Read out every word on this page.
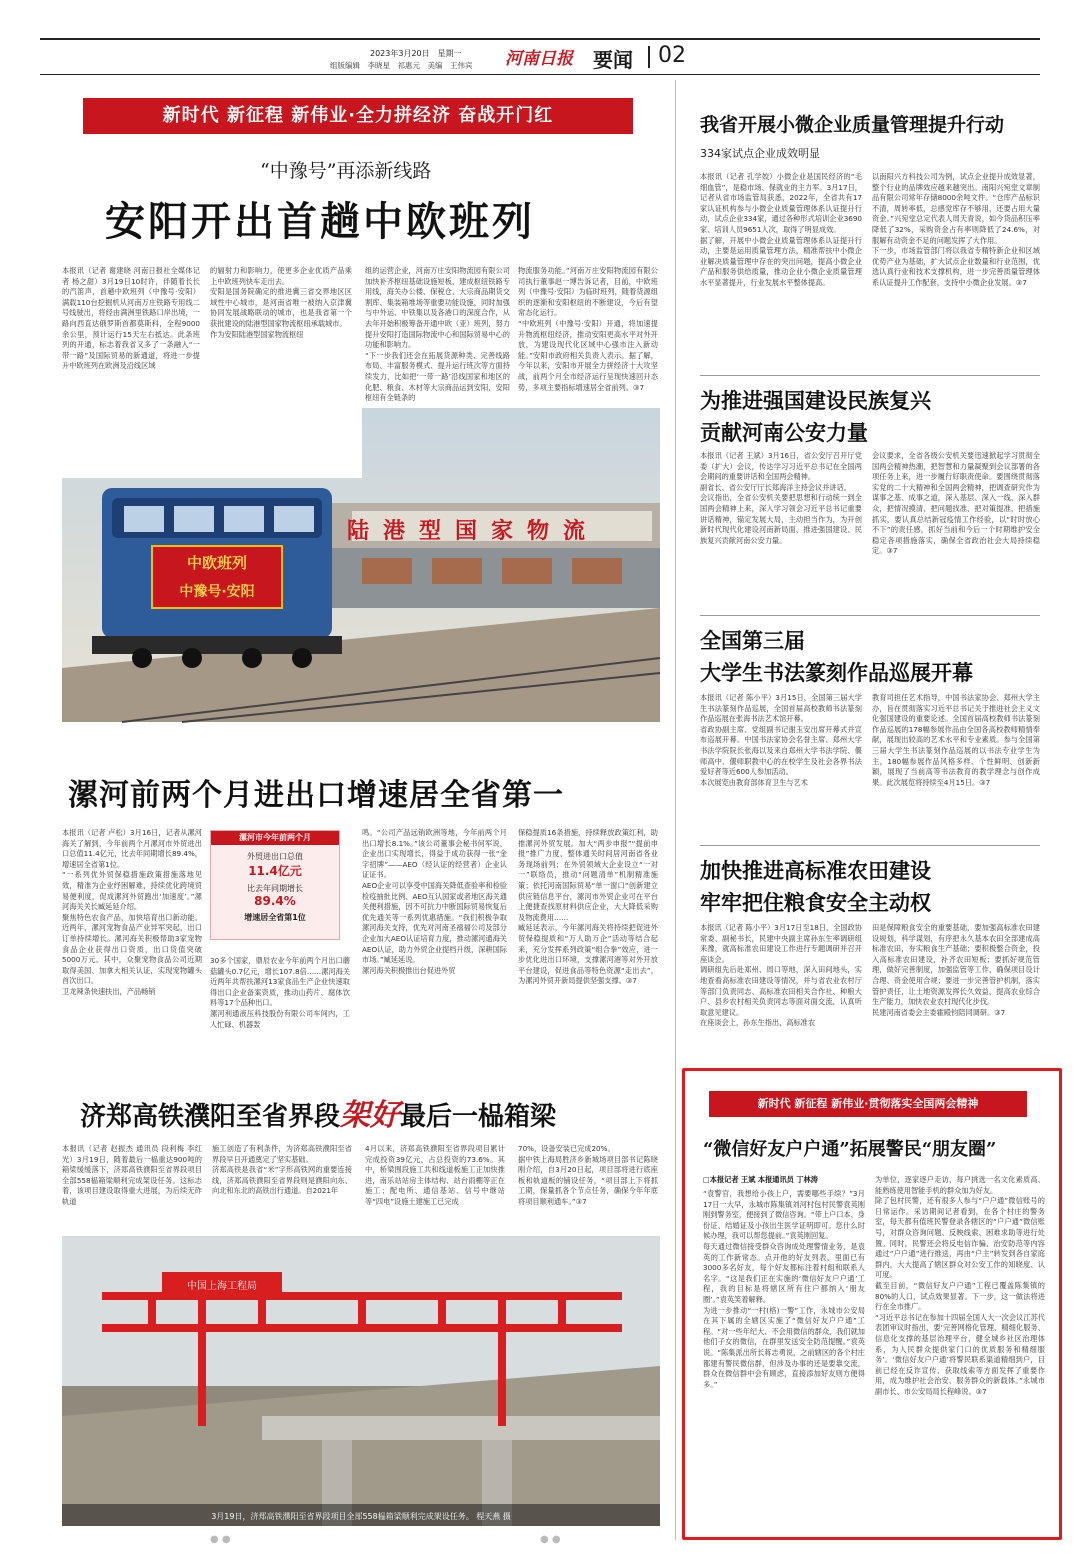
2023年3月20日　星期一
组版编辑　李晓星　祁惠元　美编　王伟宾 河南日报 要闻 02
新时代 新征程 新伟业·全力拼经济 奋战开门红
“中豫号”再添新线路
安阳开出首趟中欧班列
本报讯（记者 谢建晓 河南日报社全媒体记者 杨之甜）3月19日10时许，伴随着长长的汽笛声，首趟中欧班列（中豫号·安阳）满载110台挖掘机从河南万庄铁路专用线二号线驶出，将经由满洲里铁路口岸出境，一路向西直达俄罗斯首都莫斯科，全程9000余公里，预计运行15天左右抵达。此条班列的开通，标志着我省又多了一条融入“一带一路”及国际贸易的新通道，将进一步提升中欧班列在欧洲及沿线区域
的辐射力和影响力，使更多企业优质产品乘上中欧班列快车走出去。
安阳是国务院确定的推进冀三省交界地区区域性中心城市，是河南省唯一被纳入京津冀协同发展战略联动的城市，也是我省第一个获批建设的陆港型国家物流枢纽承载城市。
作为安阳陆港型国家物流枢纽
组的运营企业，河南万庄安阳物流园有限公司加快补齐枢纽基础设施短板，建成枢纽铁路专用线，海关办公楼、保税仓、大宗商品期货交割库、集装箱堆场等重要功能设施，同时加强与中外运、中铁集以及各港口的深度合作，从去年开始积极筹备开通中欧（亚）班列，努力提升安阳打造国际物流中心和国际贸易中心的功能和影响力。
“下一步我们还会在拓展货源种类、完善线路布局、丰富服务模式、提升运行班次等方面持续发力，比如把‘一带一路’沿线国家和地区的化肥、粮食、木材等大宗商品运到安阳，安阳枢纽有全链条的
物流服务功能。”河南万庄安阳物流园有限公司执行董事赵一博告诉记者，目前，中欧班列（中豫号·安阳）为临时班列，随着货源组织的逐渐和安阳枢纽的不断建设，今后有望常态化运行。
“中欧班列（中豫号·安阳）开通，将加速提升物流枢纽经济，推动安阳更高水平对外开放，为建设现代化区域中心强市注入新动能。”安阳市政府相关负责人表示。据了解，今年以来，安阳市开展全力拼经济十大攻坚战，前两个月全市经济运行呈现快速回升态势，多项主要指标增速居全省前列。③7
陆港型国家物流
中欧班列
中豫号·安阳
漯河前两个月进出口增速居全省第一
本报讯（记者 卢松）3月16日，记者从漯河海关了解到，今年前两个月漯河市外贸进出口总值11.4亿元，比去年同期增长89.4%，增速居全省第1位。
“一系列优外贸保稳措施政策措施落地见效，精准为企业纾困解难，持续优化跨境贸易便利度，促成漯河外贸跑出‘加速度’。”漯河海关关长臧延延介绍。
聚焦特色农食产品，加快培育出口新动能。近两年，漯河宠物食品产业异军突起，出口订单持续增长。漯河海关积极帮助3家宠物食品企业获得出口资质，出口货值突破5000万元。其中，众聚宠物食品公司近期取得美国、加拿大相关认证，实现宠物罐头首次出口。
卫龙辣条快速扶出，产品畅销
漯河市今年前两个月
外贸进出口总值
11.4亿元
比去年同期增长
89.4%
增速居全省第1位
30多个国家，鼎辰农业今年前两个月出口蘑菇罐头0.7亿元，增长107.8倍……漯河海关近两年共帮扶漯河13家食品生产企业快速取得出口企业备案资质，推动山药片、腐体饮料等17个品种出口。
漯河利通液压科技股份有限公司车间内，工人忙碌、机器轰
鸣。“公司产品远销欧洲等地，今年前两个月出口增长8.1%。”该公司董事会秘书何军说，企业出口实现增长，得益于成功获得一张“金字招牌”——AEO（经认证的经营者）企业认证证书。
AEO企业可以享受中国海关降低查验率和检验检疫抽批比例、AEO互认国家或者地区海关通关便利措施，因不可抗力中断国际贸易恢复后优先通关等一系列优惠措施。“我们积极争取漯河海关支持，优先对河南圣禧福公司及部分企业加大AEO认证培育力度，推动漯河通海关AEO认证，助力外贸企业提档升级，深耕国际市场。”臧延延说。
漯河海关积极推出台促进外贸
保稳提质16条措施，持续释放政策红利，助推漯河外贸发展。加大“两步申报”“提前申报”推广力度，整体通关时间居河南省各业务现场前列；在外贸领域大企业设立“一对一”联络员，推动“问题清单”机制精准施策；依托河南国际贸易“单一窗口”创新建立供应链信息平台，漯河市外贸企业可在平台上便捷查找原材料供应企业，大大降低采购及物流费用……
臧延延表示，今年漯河海关将持续把促进外贸保稳提质和“万人助万企”活动等结合起来，充分发挥系列政策“组合拳”效应，进一步优化进出口环境，支撑漯河港等对外开放平台建设，促进食品等特色资源“走出去”，为漯河外贸开新局提供坚强支撑。③7
济郑高铁濮阳至省界段架好最后一榀箱梁
本报讯（记者 赵振杰 通讯员 段利梅 李红光）3月19日，随着最后一榀重达900吨的箱梁缓缓落下，济郑高铁濮阳至省界段项目全部558榀箱梁顺利完成架设任务。这标志着，该项目建设取得重大进展，为后续无砟轨道
施工创造了有利条件，为济郑高铁濮阳至省界段早日开通奠定了坚实基础。
济郑高铁是我省“米”字形高铁网的重要连接线，济郑高铁濮阳至省界段则是濮阳向东、向北和东北的高铁出行通道。自2021年
4月以来，济郑高铁濮阳至省界段项目累计完成投资39亿元，占总投资的73.6%。其中，桥梁围段施工共和线道板施工正加快推进，南乐站站房主体结构、站台雨棚等正在施工；配电所、通信基站、信号中继站等“四电”设施土建施工已完成
70%，设备安装已完成20%。
据中铁上海局胜济乡新城场项目部书记陈晓刚介绍，自3月20日起，项目部将进行底座板和轨道板的铺设任务，“项目部上下将抓工期，保量抓各个节点任务，确保今年年底将项目顺利通车。”③7
中国上海工程局
3月19日，济郑高铁濮阳至省界段项目全部558榀箱梁顺利完成架设任务。 程天燕 摄
● ●	● ●
我省开展小微企业质量管理提升行动
334家试点企业成效明显
本报讯（记者 孔学姣）小微企业是国民经济的“毛细血管”，是稳市场、保就业的主力军。3月17日，记者从省市场监管局获悉，2022年，全省共有17家认证机构参与小微企业质量管理体系认证提升行动，试点企业334家，通过各种形式培训企业3690家、培训人员9651人次，取得了明显成效。
据了解，开展中小微企业质量管理体系认证提升行动，主要是运用质量管理方法，精准帮扶中小微企业解决质量管理中存在的突出问题，提高小微企业产品和服务供给质量，推动企业小微企业质量管理水平显著提升，行业发展水平整体提高。
以南阳兴方科技公司为例，试点企业提升成效显著，整个行业的品牌效应越来越突出。南阳兴宛堂文章制品有限公司常年存储8000余吨文件。“仓库产品标识不清，周转率低，总感觉库存不够用，还要占用大量资金。”兴宛堂总定代表人周天青说，如今货品积压率降低了32%，采购资金占有率则降低了24.6%，对服解有动资金不足的问题发挥了大作用。
下一步，市场监管部门将以我省专精特新企业和区域优势产业为基础，扩大试点企业数量和行业范围，优选认真行业和技术支撑机构，进一步完善质量管理体系认证提升工作配套，支持中小微企业发展。③7
为推进强国建设民族复兴
贡献河南公安力量
本报讯（记者 王斌）3月16日，省公安厅召开厅党委（扩大）会议，传达学习习近平总书记在全国两会期间的重要讲话和全国两会精神。
副省长、省公安厅厅长郑海洋主持会议并讲话。
会议指出，全省公安机关要把思想和行动统一到全国两会精神上来，深入学习领会习近平总书记重要讲话精神，锚定发展大局，主动担当作为，为开创新时代现代化建设河南新局面、推进强国建设、民族复兴贡献河南公安力量。
会议要求，全省各级公安机关要迅速掀起学习贯彻全国两会精神热潮，把智慧和力量凝聚到会议部署的各项任务上来，进一步履行好职责使命。要围绕贯彻落实党的二十大精神和全国两会精神，把调查研究作为谋事之基、成事之道，深入基层、深入一线、深入群众，把情况摸清、把问题找准、把对策提准，把措施抓实，要认真总结新冠疫情工作经验，以“时时放心不下”的责任感，抓好当前和今后一个时期维护安全稳定各项措施落实，确保全省政治社会大局持续稳定。③7
全国第三届
大学生书法篆刻作品巡展开幕
本报讯（记者 陈小平）3月15日，全国第三届大学生书法篆刻作品巡展，全国首届高校教师书法篆刻作品巡展在张海书法艺术馆开幕。
省政协副主席、党组副书记谢玉安出席开幕式并宣布巡展开幕。中国书法家协会名誉主席、郑州大学书法学院院长张海以及来自郑州大学书法学院、偃师高中、偃师职教中心的在校学生及社会各界书法爱好者等近600人参加活动。
本次展览由教育部体育卫生与艺术
教育司担任艺术指导，中国书法家协会、郑州大学主办，旨在贯彻落实习近平总书记关于推进社会主义文化强国建设的重要论述。全国首届高校教师书法篆刻作品巡展的178幅参展作品由全国各高校教师精情奉献，展现出较高的艺术水平和专业素质。参与全国第三届大学生书法篆刻作品巡展的以书法专业学生为主，180幅参展作品风格多样、个性鲜明、创新新颖，展现了当前高等书法教育的教学理念与创作成果。此次展览将持续至4月15日。③7
加快推进高标准农田建设
牢牢把住粮食安全主动权
本报讯（记者 陈小平）3月17日至18日，全国政协常委、副秘书长，民建中央副主席孙东生率调研组来豫，就高标准农田建设工作进行专题调研并召开座谈会。
调研组先后赴郑州、周口等地，深入田间地头，实地查看高标准农田建设等情况，并与省农业农村厅等部门负责同志、高标准农田相关合作社、种粮大户、县乡农村相关负责同志等面对面交流，认真听取意见建议。
在座谈会上，孙东生指出，高标准农
田是保障粮食安全的重要基础，要加强高标准农田建设规划，科学谋划，有序把永久基本农田全部建成高标准农田，夯实粮食生产基础；要积极整合资金，投入高标准农田建设，补齐农田短板；要抓好规范管理，做好完善制度，加强监管等工作，确保项目设计合理、资金使用合规；要进一步完善管护机制，落实管护责任，让土地资源发挥长久效益，提高农业综合生产能力，加快农业农村现代化步伐。
民建河南省委会主委霍殿钧陪同调研。③7
新时代 新征程 新伟业·贯彻落实全国两会精神
“微信好友户户通”拓展警民“朋友圈”
□本报记者 王斌 本报通讯员 丁林涛
“袁警官，我想给小孩上户，需要哪些手续？”3月17日一大早，永城市陈集镇刘河村包村民警袁英刚刚到警务室，便接到了微信咨询。“带上户口本、身份证、结婚证及小孩出生医学证明即可。您什么时候办理，我可以帮您提前。”袁英刚回复。
每天通过微信接受群众咨询成处理警情业务，是袁英的工作新常态。点开他的好友列表，里面已有3000多名好友，每个好友都标注着村组和联系人名字。“这是我们正在实施的‘微信好友户户通’工程，我的目标是将辖区所有住户都纳入‘朋友圈’。”袁英笑着解释。
为进一步推动“一村(格)一警”工作，永城市公安局在其下属的全辖区实施了“微信好友户户通”工程。“对一些年纪大、不会用微信的群众，我们就加他们子女的微信，在群里发送安全防范提醒。”袁英说。“陈集派出所长蒋志勇说，之前辖区的各个村庄都建有警民微信群，但涉及办事的还是要靠交流，群众在微信群中会有顾虑，直接添加好友则方便得多。”
为单位，逐家逐户走访，每户挑选一名文化素质高、能熟练使用智能手机的群众加为好友。
除了包村民警，还有很多人参与“户户通”微信账号的日常运作。采访期间记者看到，在各个村庄的警务室，每天都有值班民警登录各辖区的“户户通”微信账号，对群众咨询问题、反映线索、困难求助等进行处置。同时，民警还会将反电信诈骗、治安防范等内容通过“户户通”进行推送，再由“户主”转发到各自家庭群内，大大提高了辖区群众对公安工作的知晓度、认可度。
截至目前，“微信好友户户通”工程已覆盖陈集镇的80%的人口，试点效果显著。下一步，这一做法将进行在全市推广。
“习近平总书记在参加十四届全国人大一次会议江苏代表团审议时指出，要‘完善网格化管理、精细化服务、信息化支撑的基层治理平台，健全城乡社区治理体系，为人民群众提供家门口的优质服务和精细服务’。‘微信好友户户通’将警民联系渠道精细到户，目前已经在反诈宣传、获取线索等方面发挥了重要作用，成为维护社会治安、服务群众的新载体。”永城市副市长、市公安局局长程峰说。③7
